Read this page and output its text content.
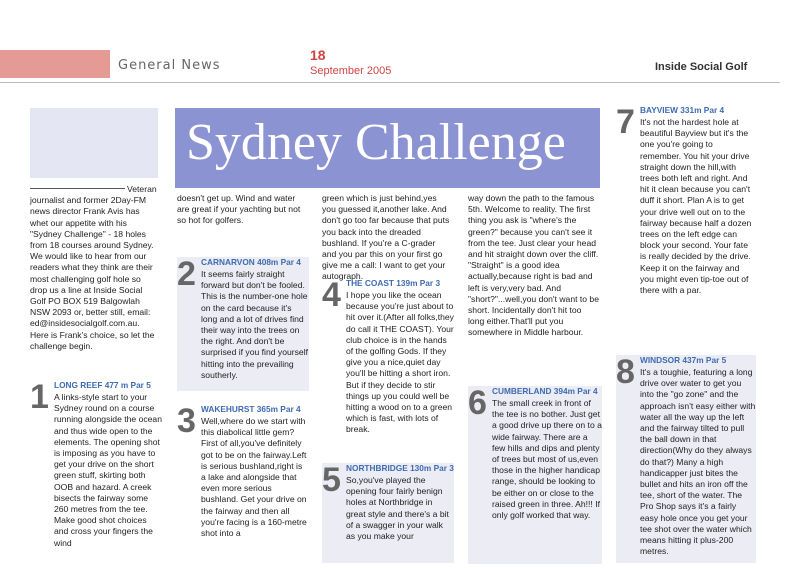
General News
18
September 2005	Inside Social Golf
Sydney Challenge

Veteran journalist and former 2Day-FM news director Frank Avis has whet our appetite with his "Sydney Challenge" - 18 holes from 18 courses around Sydney. We would like to hear from our readers what they think are their most challenging golf hole so drop us a line at Inside Social Golf PO BOX 519 Balgowlah NSW 2093 or, better still, email: ed@insidesocialgolf.com.au. Here is Frank's choice, so let the challenge begin.

1 LONG REEF 477 m Par 5
A links-style start to your Sydney round on a course running alongside the ocean and thus wide open to the elements. The opening shot is imposing as you have to get your drive on the short green stuff, skirting both OOB and hazard. A creek bisects the fairway some 260 metres from the tee. Make good shot choices and cross your fingers the wind

doesn't get up. Wind and water are great if your yachting but not so hot for golfers.

2 CARNARVON 408m Par 4
It seems fairly straight forward but don't be fooled. This is the number-one hole on the card because it's long and a lot of drives find their way into the trees on the right. And don't be surprised if you find yourself hitting into the prevailing southerly.
3 WAKEHURST 365m Par 4
Well,where do we start with this diabolical little gem? First of all,you've definitely got to be on the fairway.Left is serious bushland,right is a lake and alongside that even more serious bushland. Get your drive on the fairway and then all you're facing is a 160-metre shot into a

green which is just behind,yes you guessed it,another lake. And don't go too far because that puts you back into the dreaded bushland. If you're a C-grader and you par this on your first go give me a call: I want to get your autograph.

4 THE COAST 139m Par 3
I hope you like the ocean because you're just about to hit over it.(After all folks,they do call it THE COAST). Your club choice is in the hands of the golfing Gods. If they give you a nice,quiet day you'll be hitting a short iron. But if they decide to stir things up you could well be hitting a wood on to a green which is fast, with lots of break.
5 NORTHBRIDGE 130m Par 3
So,you've played the opening four fairly benign holes at Northbridge in great style and there's a bit of a swagger in your walk as you make your

way down the path to the famous 5th. Welcome to reality. The first thing you ask is "where's the green?" because you can't see it from the tee. Just clear your head and hit straight down over the cliff. "Straight" is a good idea actually,because right is bad and left is very,very bad. And "short?"...well,you don't want to be short. Incidentally don't hit too long either.That'll put you somewhere in Middle harbour.

6 CUMBERLAND 394m Par 4
The small creek in front of the tee is no bother. Just get a good drive up there on to a wide fairway. There are a few hills and dips and plenty of trees but most of us,even those in the higher handicap range, should be looking to be either on or close to the raised green in three. Ah!!! If only golf worked that way.
7 BAYVIEW 331m Par 4
It's not the hardest hole at beautiful Bayview but it's the one you're going to remember. You hit your drive straight down the hill,with trees both left and right. And hit it clean because you can't duff it short. Plan A is to get your drive well out on to the fairway because half a dozen trees on the left edge can block your second. Your fate is really decided by the drive. Keep it on the fairway and you might even tip-toe out of there with a par.
8 WINDSOR 437m Par 5
It's a toughie, featuring a long drive over water to get you into the "go zone" and the approach isn't easy either with water all the way up the left and the fairway tilted to pull the ball down in that direction(Why do they always do that?) Many a high handicapper just bites the bullet and hits an iron off the tee, short of the water. The Pro Shop says it's a fairly easy hole once you get your tee shot over the water which means hitting it plus-200 metres.
